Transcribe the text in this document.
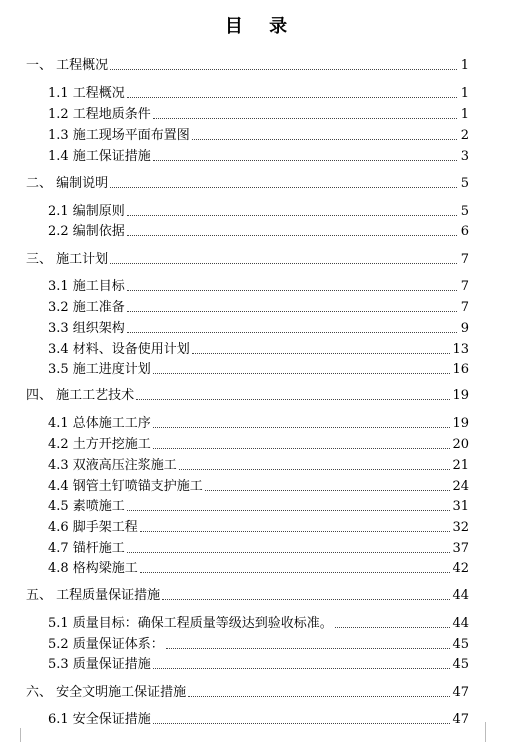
目 录
一、 工程概况	1
1.1 工程概况	1
1.2 工程地质条件	1
1.3 施工现场平面布置图	2
1.4 施工保证措施	3
二、 编制说明	5
2.1 编制原则	5
2.2 编制依据	6
三、 施工计划	7
3.1 施工目标	7
3.2 施工准备	7
3.3 组织架构	9
3.4 材料、设备使用计划	13
3.5 施工进度计划	16
四、 施工工艺技术	19
4.1 总体施工工序	19
4.2 土方开挖施工	20
4.3 双液高压注浆施工	21
4.4 钢管土钉喷锚支护施工	24
4.5 素喷施工	31
4.6 脚手架工程	32
4.7 锚杆施工	37
4.8 格构梁施工	42
五、 工程质量保证措施	44
5.1 质量目标：确保工程质量等级达到验收标准。	44
5.2 质量保证体系：	45
5.3 质量保证措施	45
六、 安全文明施工保证措施	47
6.1 安全保证措施	47
